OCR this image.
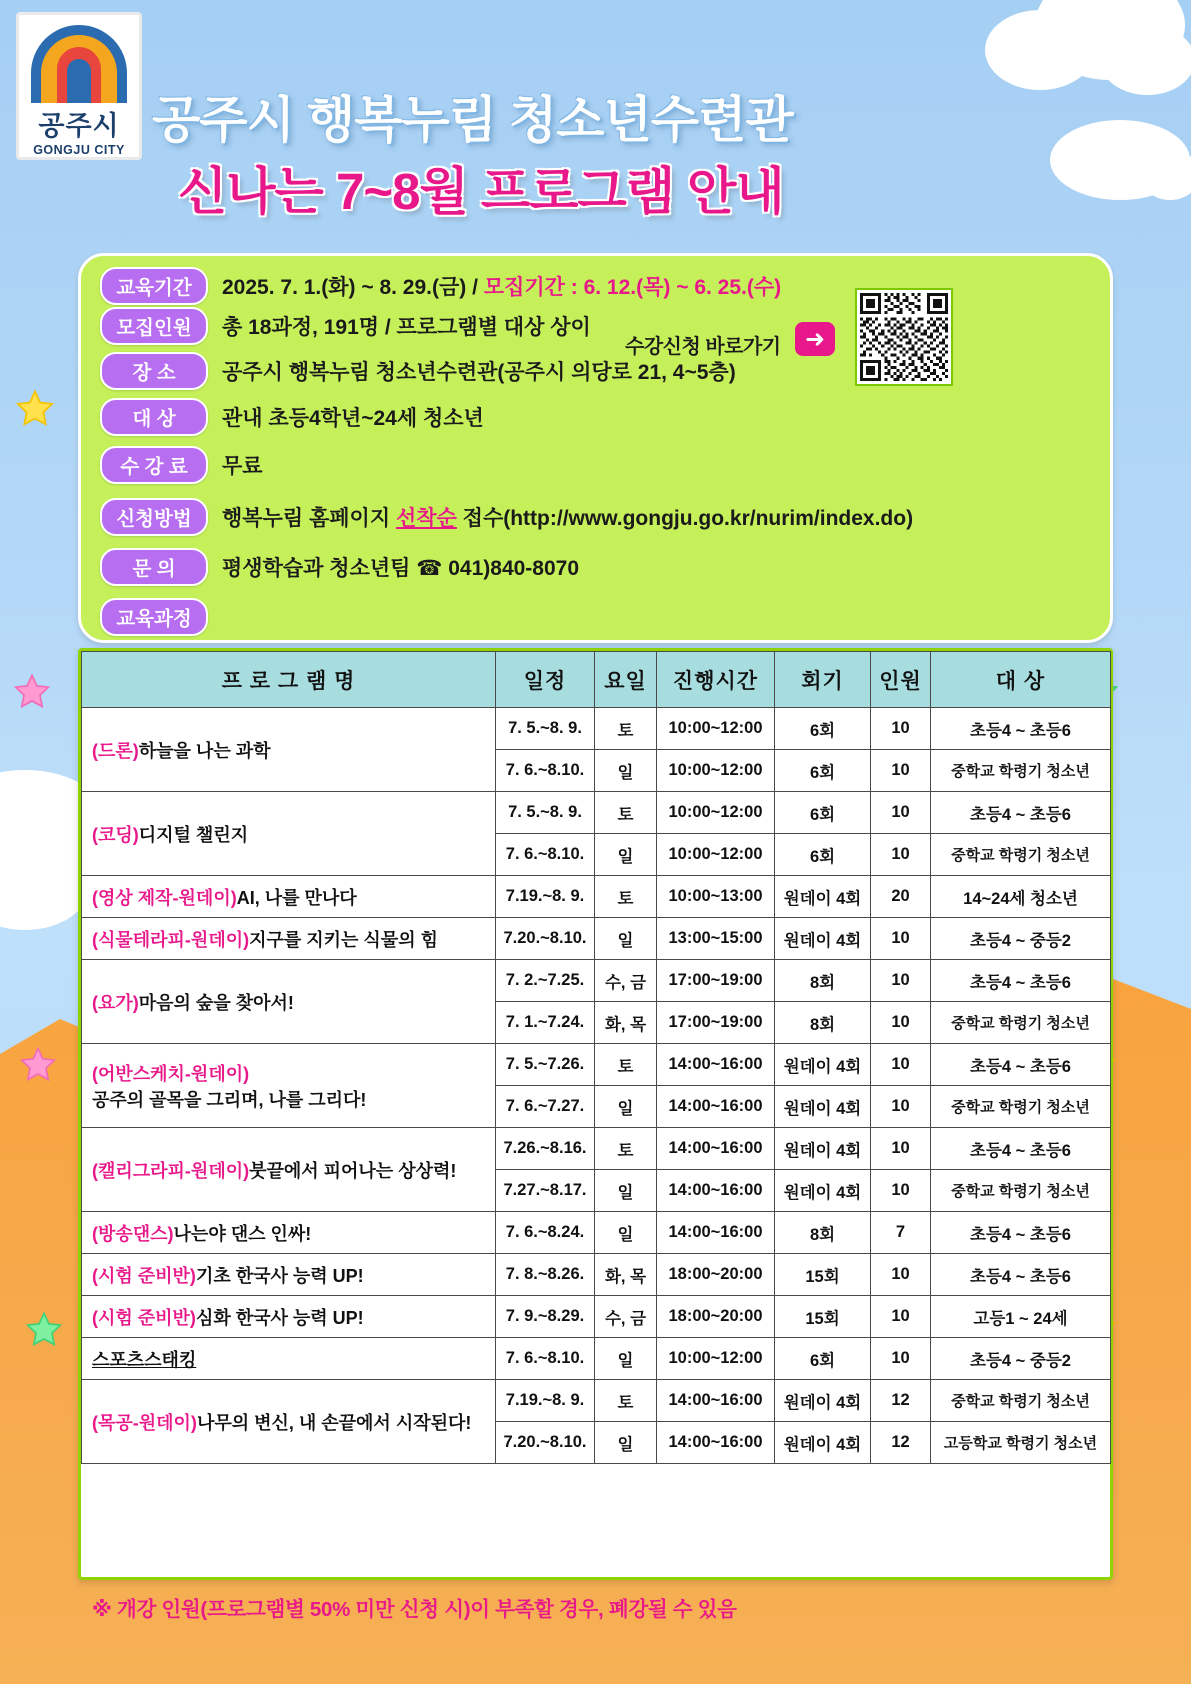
공주시
GONGJU CITY
공주시 행복누림 청소년수련관
신나는 7~8월 프로그램 안내
교육기간	2025. 7. 1.(화) ~ 8. 29.(금) / 모집기간 : 6. 12.(목) ~ 6. 25.(수)
모집인원	총 18과정, 191명 / 프로그램별 대상 상이
장 소	공주시 행복누림 청소년수련관(공주시 의당로 21, 4~5층)
대 상	관내 초등4학년~24세 청소년
수 강 료	무료
신청방법	행복누림 홈페이지 선착순 접수(http://www.gongju.go.kr/nurim/index.do)
문 의	평생학습과 청소년팀 ☎ 041)840-8070
교육과정
수강신청 바로가기	➜
프 로 그 램 명	일정	요일	진행시간	회기	인원	대 상
(드론)하늘을 나는 과학	7. 5.~8. 9.	토	10:00~12:00	6회	10	초등4 ~ 초등6
	7. 6.~8.10.	일	10:00~12:00	6회	10	중학교 학령기 청소년
(코딩)디지털 챌린지	7. 5.~8. 9.	토	10:00~12:00	6회	10	초등4 ~ 초등6
	7. 6.~8.10.	일	10:00~12:00	6회	10	중학교 학령기 청소년
(영상 제작-원데이)AI, 나를 만나다	7.19.~8. 9.	토	10:00~13:00	원데이 4회	20	14~24세 청소년
(식물테라피-원데이)지구를 지키는 식물의 힘	7.20.~8.10.	일	13:00~15:00	원데이 4회	10	초등4 ~ 중등2
(요가)마음의 숲을 찾아서!	7. 2.~7.25.	수, 금	17:00~19:00	8회	10	초등4 ~ 초등6
	7. 1.~7.24.	화, 목	17:00~19:00	8회	10	중학교 학령기 청소년
(어반스케치-원데이)
공주의 골목을 그리며, 나를 그리다!	7. 5.~7.26.	토	14:00~16:00	원데이 4회	10	초등4 ~ 초등6
	7. 6.~7.27.	일	14:00~16:00	원데이 4회	10	중학교 학령기 청소년
(캘리그라피-원데이)붓끝에서 피어나는 상상력!	7.26.~8.16.	토	14:00~16:00	원데이 4회	10	초등4 ~ 초등6
	7.27.~8.17.	일	14:00~16:00	원데이 4회	10	중학교 학령기 청소년
(방송댄스)나는야 댄스 인싸!	7. 6.~8.24.	일	14:00~16:00	8회	7	초등4 ~ 초등6
(시험 준비반)기초 한국사 능력 UP!	7. 8.~8.26.	화, 목	18:00~20:00	15회	10	초등4 ~ 초등6
(시험 준비반)심화 한국사 능력 UP!	7. 9.~8.29.	수, 금	18:00~20:00	15회	10	고등1 ~ 24세
스포츠스태킹	7. 6.~8.10.	일	10:00~12:00	6회	10	초등4 ~ 중등2
(목공-원데이)나무의 변신, 내 손끝에서 시작된다!	7.19.~8. 9.	토	14:00~16:00	원데이 4회	12	중학교 학령기 청소년
	7.20.~8.10.	일	14:00~16:00	원데이 4회	12	고등학교 학령기 청소년
※ 개강 인원(프로그램별 50% 미만 신청 시)이 부족할 경우, 폐강될 수 있음
